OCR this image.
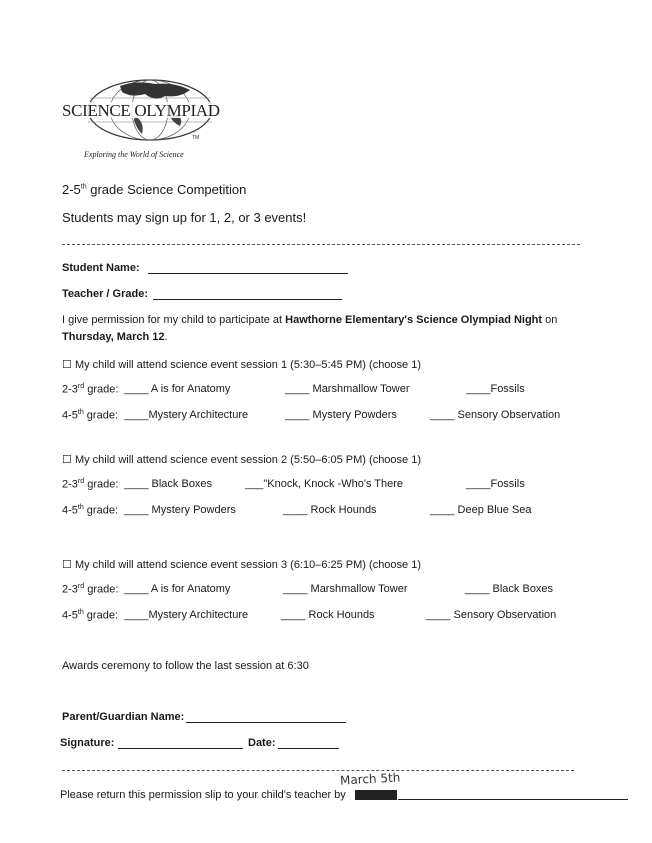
SCIENCE OLYMPIAD
TM
Exploring the World of Science
2-5th grade Science Competition
Students may sign up for 1, 2, or 3 events!
Student Name:
Teacher / Grade:
I give permission for my child to participate at Hawthorne Elementary's Science Olympiad Night on
Thursday, March 12.
☐ My child will attend science event session 1 (5:30–5:45 PM) (choose 1)
2-3rd grade: ____ A is for Anatomy	____ Marshmallow Tower	____Fossils
4-5th grade: ____Mystery Architecture	____ Mystery Powders	____ Sensory Observation
☐ My child will attend science event session 2 (5:50–6:05 PM) (choose 1)
2-3rd grade: ____ Black Boxes	___"Knock, Knock -Who's There	____Fossils
4-5th grade: ____ Mystery Powders	____ Rock Hounds	____ Deep Blue Sea
☐ My child will attend science event session 3 (6:10–6:25 PM) (choose 1)
2-3rd grade: ____ A is for Anatomy	____ Marshmallow Tower	____ Black Boxes
4-5th grade: ____Mystery Architecture	____ Rock Hounds	____ Sensory Observation
Awards ceremony to follow the last session at 6:30
Parent/Guardian Name:
Signature:	Date:
March 5th
Please return this permission slip to your child's teacher by
